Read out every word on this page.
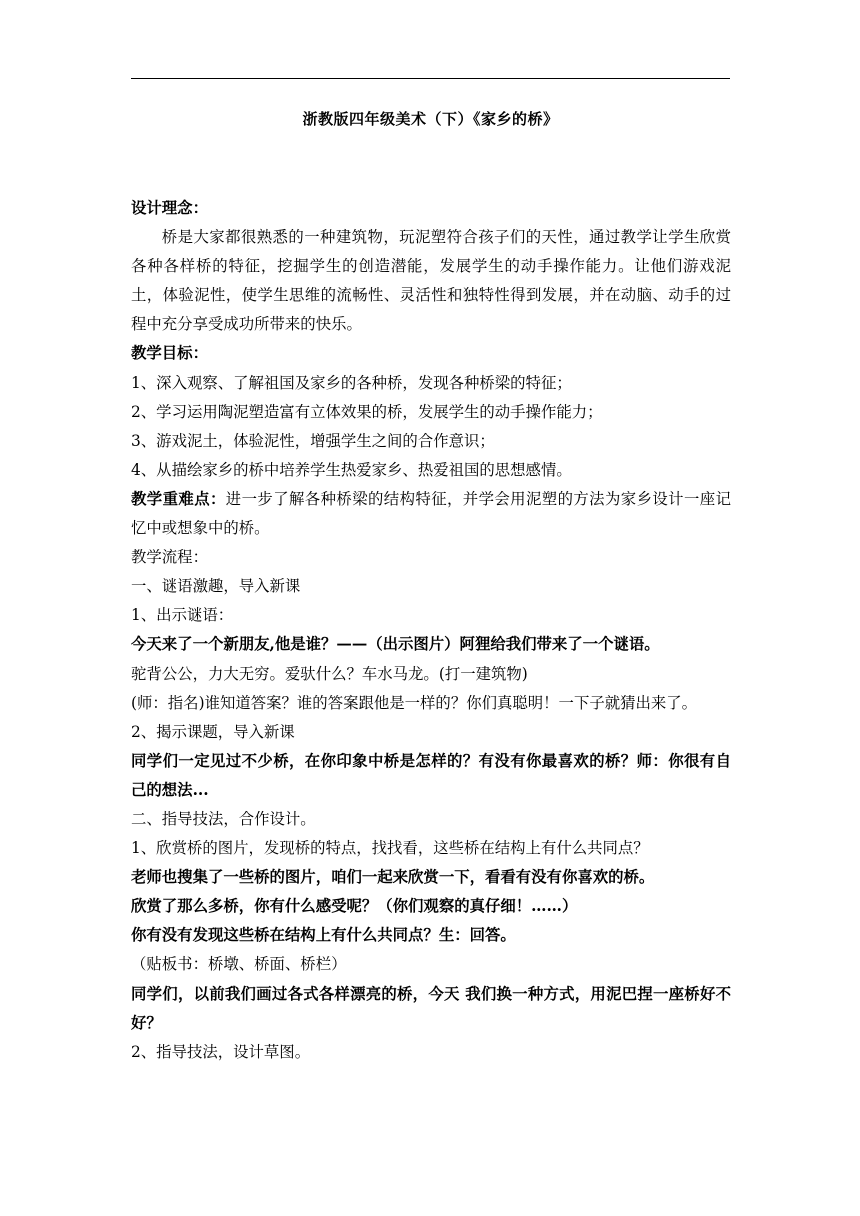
浙教版四年级美术（下）《家乡的桥》

设计理念：

桥是大家都很熟悉的一种建筑物，玩泥塑符合孩子们的天性，通过教学让学生欣赏各种各样桥的特征，挖掘学生的创造潜能，发展学生的动手操作能力。让他们游戏泥土，体验泥性，使学生思维的流畅性、灵活性和独特性得到发展，并在动脑、动手的过程中充分享受成功所带来的快乐。

教学目标：

1、深入观察、了解祖国及家乡的各种桥，发现各种桥梁的特征；

2、学习运用陶泥塑造富有立体效果的桥，发展学生的动手操作能力；

3、游戏泥土，体验泥性，增强学生之间的合作意识；

4、从描绘家乡的桥中培养学生热爱家乡、热爱祖国的思想感情。

教学重难点：进一步了解各种桥梁的结构特征，并学会用泥塑的方法为家乡设计一座记忆中或想象中的桥。

教学流程：

一、谜语激趣，导入新课

1、出示谜语：

今天来了一个新朋友,他是谁？——（出示图片）阿狸给我们带来了一个谜语。

驼背公公，力大无穷。爱驮什么？车水马龙。(打一建筑物)

(师：指名)谁知道答案？谁的答案跟他是一样的？你们真聪明！一下子就猜出来了。

2、揭示课题，导入新课

同学们一定见过不少桥，在你印象中桥是怎样的？有没有你最喜欢的桥？师：你很有自己的想法...

二、指导技法，合作设计。

1、欣赏桥的图片，发现桥的特点，找找看，这些桥在结构上有什么共同点？

老师也搜集了一些桥的图片，咱们一起来欣赏一下，看看有没有你喜欢的桥。

欣赏了那么多桥，你有什么感受呢？（你们观察的真仔细！……）

你有没有发现这些桥在结构上有什么共同点？生：回答。

（贴板书：桥墩、桥面、桥栏）

同学们，以前我们画过各式各样漂亮的桥，今天 我们换一种方式，用泥巴捏一座桥好不好？

2、指导技法，设计草图。
